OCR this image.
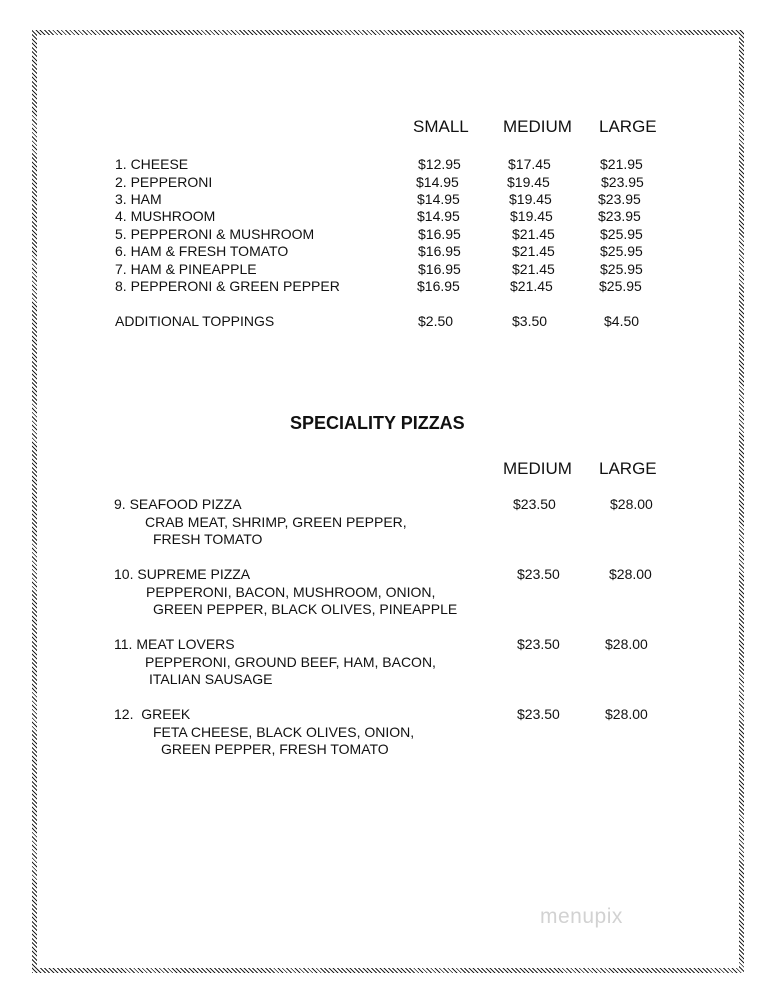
SMALL MEDIUM LARGE
1. CHEESE	$12.95	$17.45	$21.95
2. PEPPERONI	$14.95	$19.45	$23.95
3. HAM	$14.95	$19.45	$23.95
4. MUSHROOM	$14.95	$19.45	$23.95
5. PEPPERONI & MUSHROOM	$16.95	$21.45	$25.95
6. HAM & FRESH TOMATO	$16.95	$21.45	$25.95
7. HAM & PINEAPPLE	$16.95	$21.45	$25.95
8. PEPPERONI & GREEN PEPPER	$16.95	$21.45	$25.95
ADDITIONAL TOPPINGS	$2.50	$3.50	$4.50
SPECIALITY PIZZAS
MEDIUM LARGE
9. SEAFOOD PIZZA	$23.50	$28.00
CRAB MEAT, SHRIMP, GREEN PEPPER,
FRESH TOMATO
10. SUPREME PIZZA	$23.50	$28.00
PEPPERONI, BACON, MUSHROOM, ONION,
GREEN PEPPER, BLACK OLIVES, PINEAPPLE
11. MEAT LOVERS	$23.50	$28.00
PEPPERONI, GROUND BEEF, HAM, BACON,
ITALIAN SAUSAGE
12.  GREEK	$23.50	$28.00
FETA CHEESE, BLACK OLIVES, ONION,
GREEN PEPPER, FRESH TOMATO
menupix
